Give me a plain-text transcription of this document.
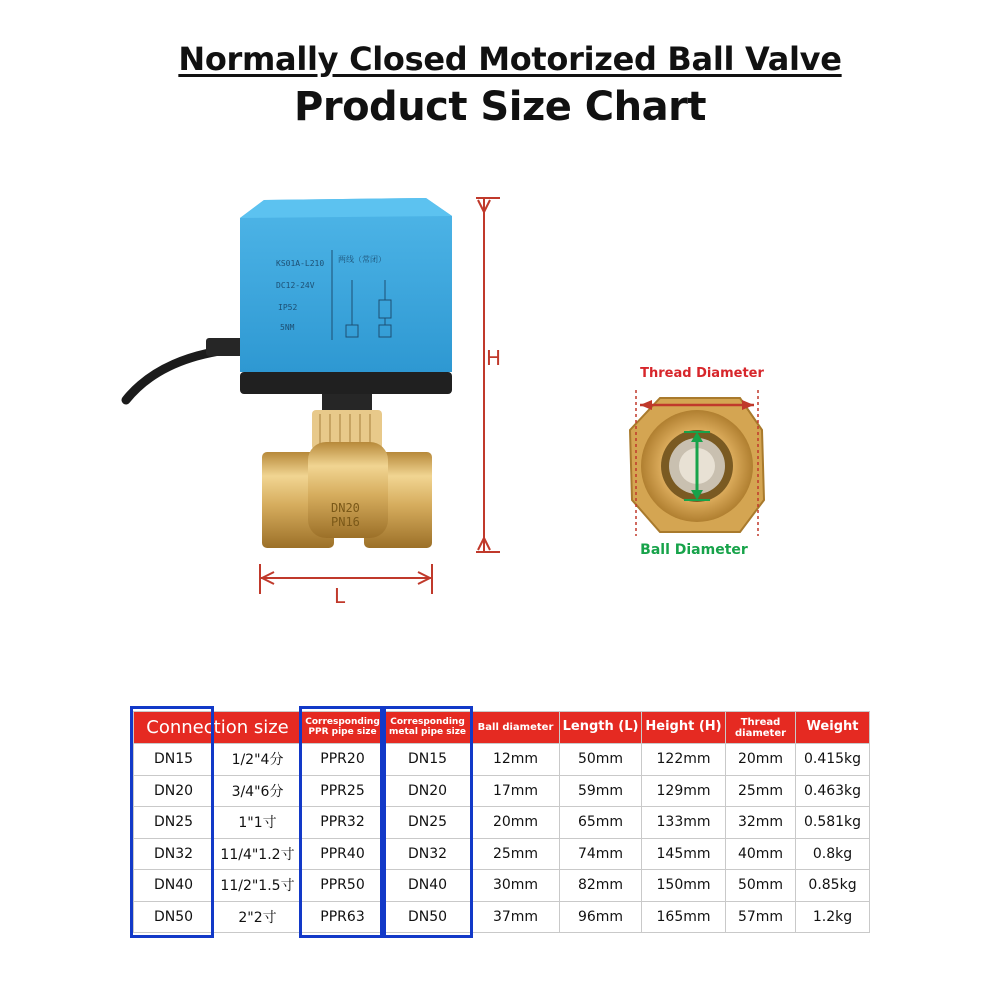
Normally Closed Motorized Ball Valve
Product Size Chart
KS01A-L210
DC12-24V
IP52
5NM
两线（常闭）
DN20
PN16
H
L
Thread Diameter
Ball Diameter
Connection size		Corresponding PPR pipe size	Corresponding metal pipe size	Ball diameter	Length (L)	Height (H)	Thread diameter	Weight
DN15	1/2"4分	PPR20	DN15	12mm	50mm	122mm	20mm	0.415kg
DN20	3/4"6分	PPR25	DN20	17mm	59mm	129mm	25mm	0.463kg
DN25	1"1寸	PPR32	DN25	20mm	65mm	133mm	32mm	0.581kg
DN32	11/4"1.2寸	PPR40	DN32	25mm	74mm	145mm	40mm	0.8kg
DN40	11/2"1.5寸	PPR50	DN40	30mm	82mm	150mm	50mm	0.85kg
DN50	2"2寸	PPR63	DN50	37mm	96mm	165mm	57mm	1.2kg
